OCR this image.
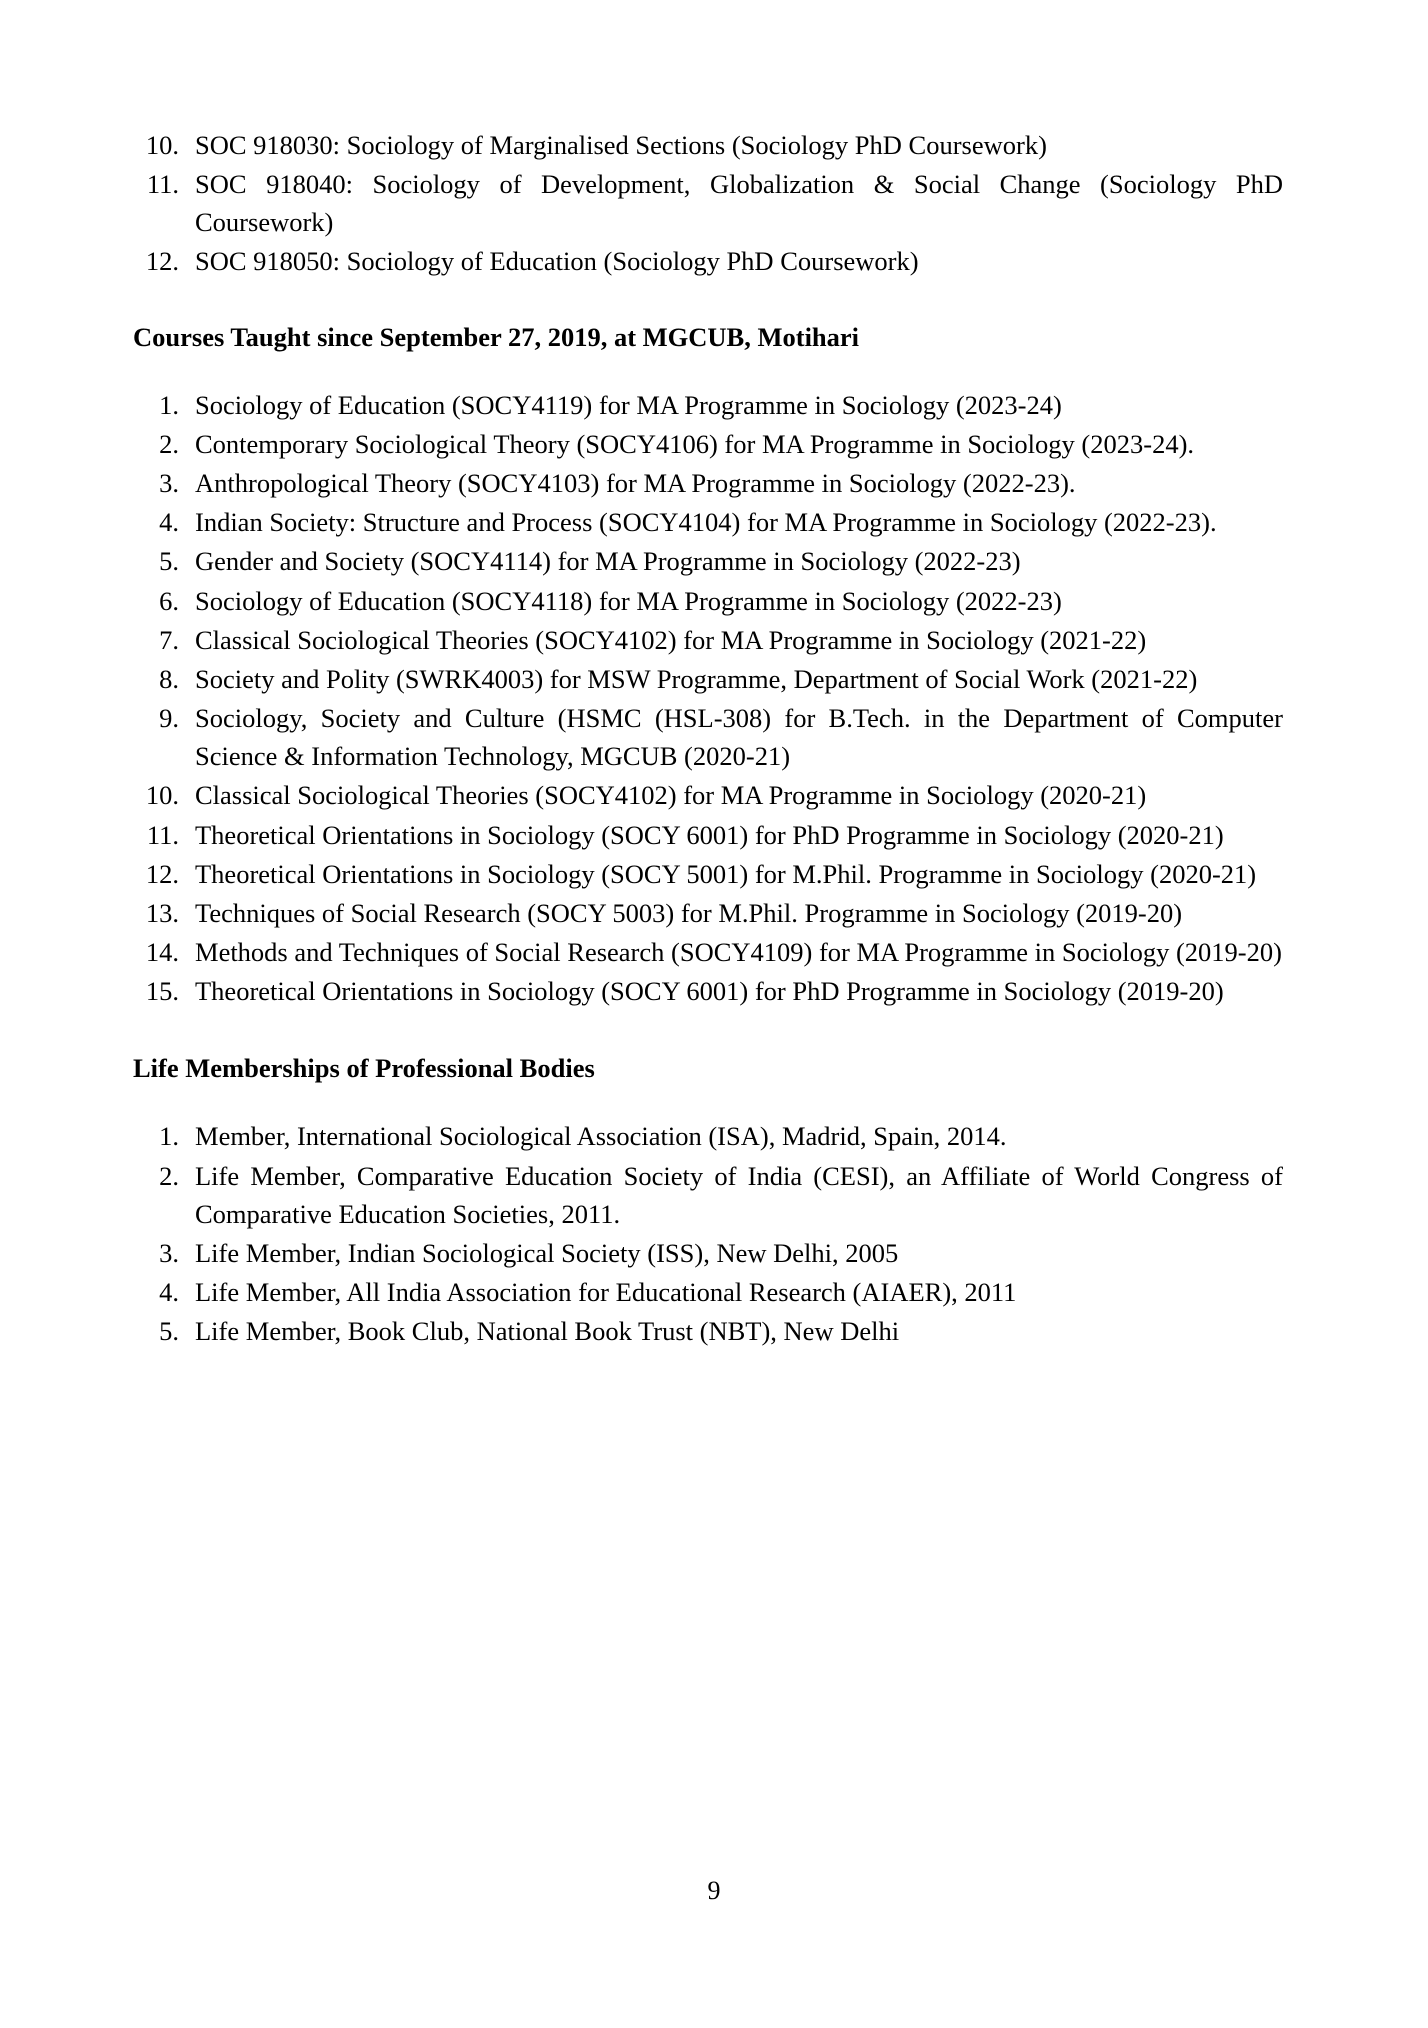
10. SOC 918030: Sociology of Marginalised Sections (Sociology PhD Coursework)
11. SOC 918040: Sociology of Development, Globalization & Social Change (Sociology PhD Coursework)
12. SOC 918050: Sociology of Education (Sociology PhD Coursework)
Courses Taught since September 27, 2019, at MGCUB, Motihari
1. Sociology of Education (SOCY4119) for MA Programme in Sociology (2023-24)
2. Contemporary Sociological Theory (SOCY4106) for MA Programme in Sociology (2023-24).
3. Anthropological Theory (SOCY4103) for MA Programme in Sociology (2022-23).
4. Indian Society: Structure and Process (SOCY4104) for MA Programme in Sociology (2022-23).
5. Gender and Society (SOCY4114) for MA Programme in Sociology (2022-23)
6. Sociology of Education (SOCY4118) for MA Programme in Sociology (2022-23)
7. Classical Sociological Theories (SOCY4102) for MA Programme in Sociology (2021-22)
8. Society and Polity (SWRK4003) for MSW Programme, Department of Social Work (2021-22)
9. Sociology, Society and Culture (HSMC (HSL-308) for B.Tech. in the Department of Computer Science & Information Technology, MGCUB (2020-21)
10. Classical Sociological Theories (SOCY4102) for MA Programme in Sociology (2020-21)
11. Theoretical Orientations in Sociology (SOCY 6001) for PhD Programme in Sociology (2020-21)
12. Theoretical Orientations in Sociology (SOCY 5001) for M.Phil. Programme in Sociology (2020-21)
13. Techniques of Social Research (SOCY 5003) for M.Phil. Programme in Sociology (2019-20)
14. Methods and Techniques of Social Research (SOCY4109) for MA Programme in Sociology (2019-20)
15. Theoretical Orientations in Sociology (SOCY 6001) for PhD Programme in Sociology (2019-20)
Life Memberships of Professional Bodies
1. Member, International Sociological Association (ISA), Madrid, Spain, 2014.
2. Life Member, Comparative Education Society of India (CESI), an Affiliate of World Congress of Comparative Education Societies, 2011.
3. Life Member, Indian Sociological Society (ISS), New Delhi, 2005
4. Life Member, All India Association for Educational Research (AIAER), 2011
5. Life Member, Book Club, National Book Trust (NBT), New Delhi
9
